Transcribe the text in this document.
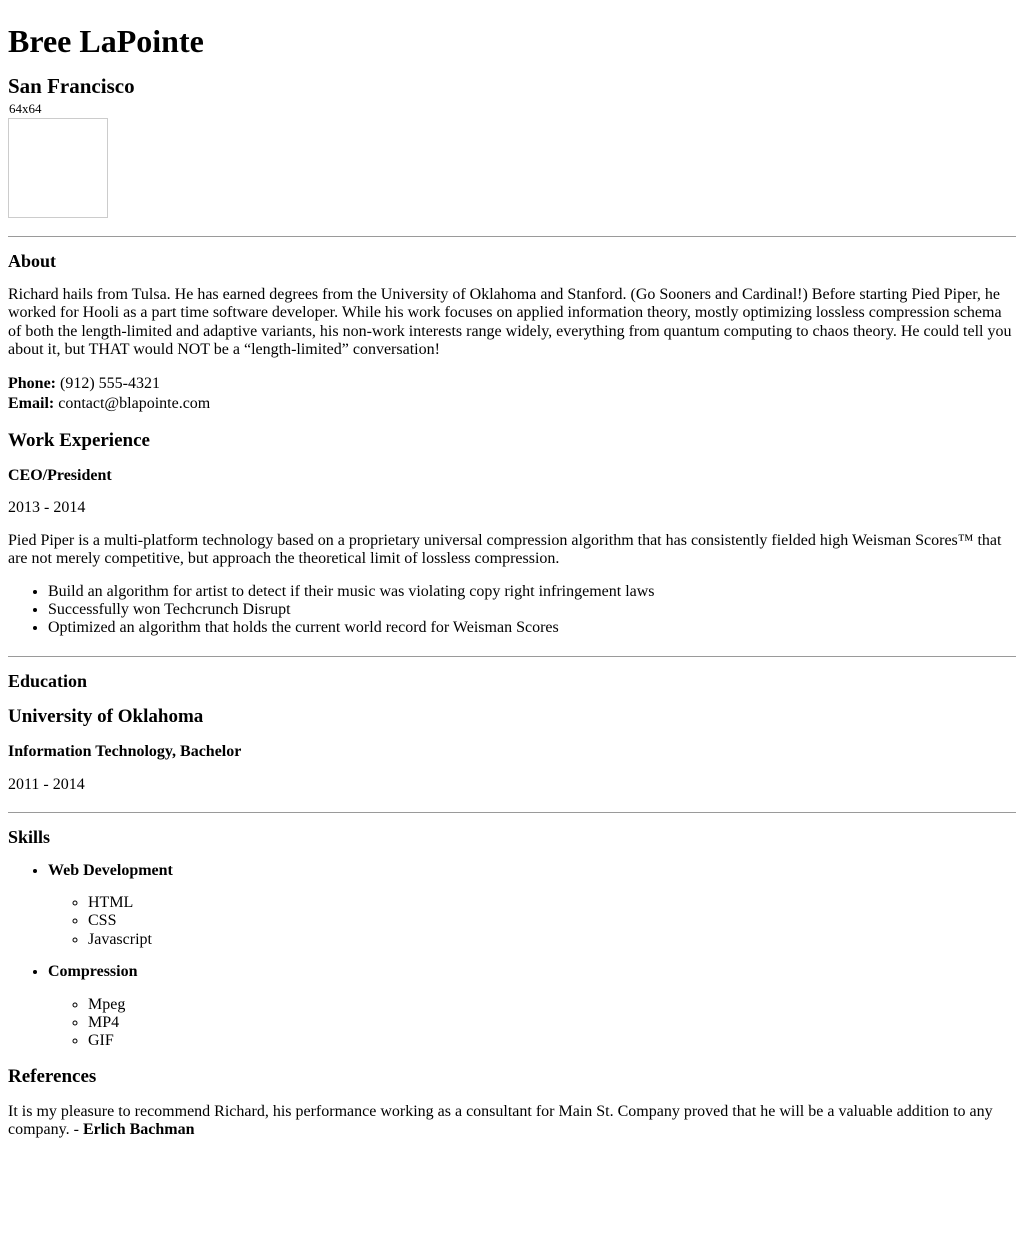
Bree LaPointe
San Francisco
64x64
About

Richard hails from Tulsa. He has earned degrees from the University of Oklahoma and Stanford. (Go Sooners and Cardinal!) Before starting Pied Piper, he worked for Hooli as a part time software developer. While his work focuses on applied information theory, mostly optimizing lossless compression schema of both the length-limited and adaptive variants, his non-work interests range widely, everything from quantum computing to chaos theory. He could tell you about it, but THAT would NOT be a “length-limited” conversation!

Phone: (912) 555-4321
Email: contact@blapointe.com
Work Experience
CEO/President

2013 - 2014

Pied Piper is a multi-platform technology based on a proprietary universal compression algorithm that has consistently fielded high Weisman Scores™ that are not merely competitive, but approach the theoretical limit of lossless compression.

• Build an algorithm for artist to detect if their music was violating copy right infringement laws
• Successfully won Techcrunch Disrupt
• Optimized an algorithm that holds the current world record for Weisman Scores
Education
University of Oklahoma
Information Technology, Bachelor

2011 - 2014

Skills
• Web Development
◦ HTML
◦ CSS
◦ Javascript
• Compression
◦ Mpeg
◦ MP4
◦ GIF
References

It is my pleasure to recommend Richard, his performance working as a consultant for Main St. Company proved that he will be a valuable addition to any company. - Erlich Bachman
